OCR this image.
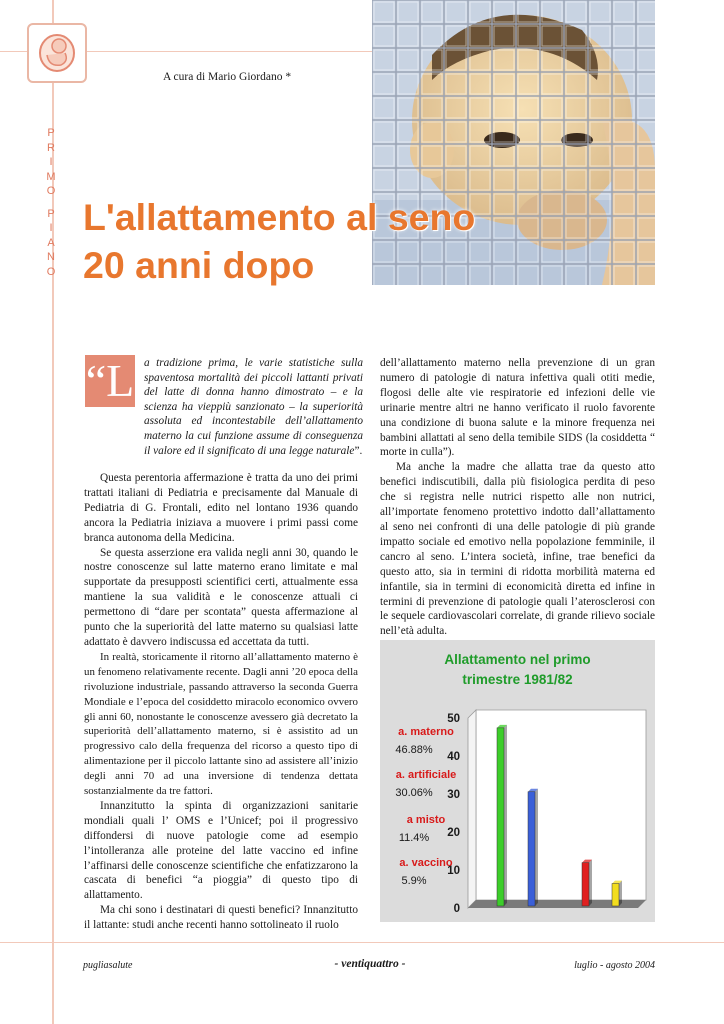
P
R
I
M
O
P
I
A
N
O
A cura di Mario Giordano *
L'allattamento al seno
20 anni dopo
“L a tradizione prima, le varie statistiche sulla spaventosa mortalità dei piccoli lattanti privati del latte di donna hanno dimostrato – e la scienza ha vieppiù sanzionato – la superiorità assoluta ed incontestabile dell’allattamento materno la cui funzione assume di conseguenza il valore ed il significato di una legge naturale”.

Questa perentoria affermazione è tratta da uno dei primi trattati italiani di Pediatria e precisamente dal Manuale di Pediatria di G. Frontali, edito nel lontano 1936 quando ancora la Pediatria iniziava a muovere i primi passi come branca autonoma della Medicina.

Se questa asserzione era valida negli anni 30, quando le nostre conoscenze sul latte materno erano limitate e mal supportate da presupposti scientifici certi, attualmente essa mantiene la sua validità e le conoscenze attuali ci permettono di “dare per scontata” questa affermazione al punto che la superiorità del latte materno su qualsiasi latte adattato è davvero indiscussa ed accettata da tutti.

In realtà, storicamente il ritorno all’allattamento materno è un fenomeno relativamente recente. Dagli anni ’20 epoca della rivoluzione industriale, passando attraverso la seconda Guerra Mondiale e l’epoca del cosiddetto miracolo economico ovvero gli anni 60, nonostante le conoscenze avessero già decretato la superiorità dell’allattamento materno, si è assistito ad un progressivo calo della frequenza del ricorso a questo tipo di alimentazione per il piccolo lattante sino ad assistere all’inizio degli anni 70 ad una inversione di tendenza dettata sostanzialmente da tre fattori.

Innanzitutto la spinta di organizzazioni sanitarie mondiali quali l’ OMS e l’Unicef; poi il progressivo diffondersi di nuove patologie come ad esempio l’intolleranza alle proteine del latte vaccino ed infine l’affinarsi delle conoscenze scientifiche che enfatizzarono la cascata di benefici “a pioggia” di questo tipo di allattamento.

Ma chi sono i destinatari di questi benefici? Innanzitutto il lattante: studi anche recenti hanno sottolineato il ruolo

dell’allattamento materno nella prevenzione di un gran numero di patologie di natura infettiva quali otiti medie, flogosi delle alte vie respiratorie ed infezioni delle vie urinarie mentre altri ne hanno verificato il ruolo favorente una condizione di buona salute e la minore frequenza nei bambini allattati al seno della temibile SIDS (la cosiddetta “ morte in culla”).

Ma anche la madre che allatta trae da questo atto benefici indiscutibili, dalla più fisiologica perdita di peso che si registra nelle nutrici rispetto alle non nutrici, all’importate fenomeno protettivo indotto dall’allattamento al seno nei confronti di una delle patologie di più grande impatto sociale ed emotivo nella popolazione femminile, il cancro al seno. L’intera società, infine, trae benefici da questo atto, sia in termini di ridotta morbilità materna ed infantile, sia in termini di economicità diretta ed infine in termini di prevenzione di patologie quali l’aterosclerosi con le sequele cardiovascolari correlate, di grande rilievo sociale nell’età adulta.

Allattamento nel primo
trimestre 1981/82
0
10
20
30
40
50
a. materno
46.88%
a. artificiale
30.06%
a misto
11.4%
a. vaccino
5.9%
pugliasalute	- ventiquattro -	luglio - agosto 2004
